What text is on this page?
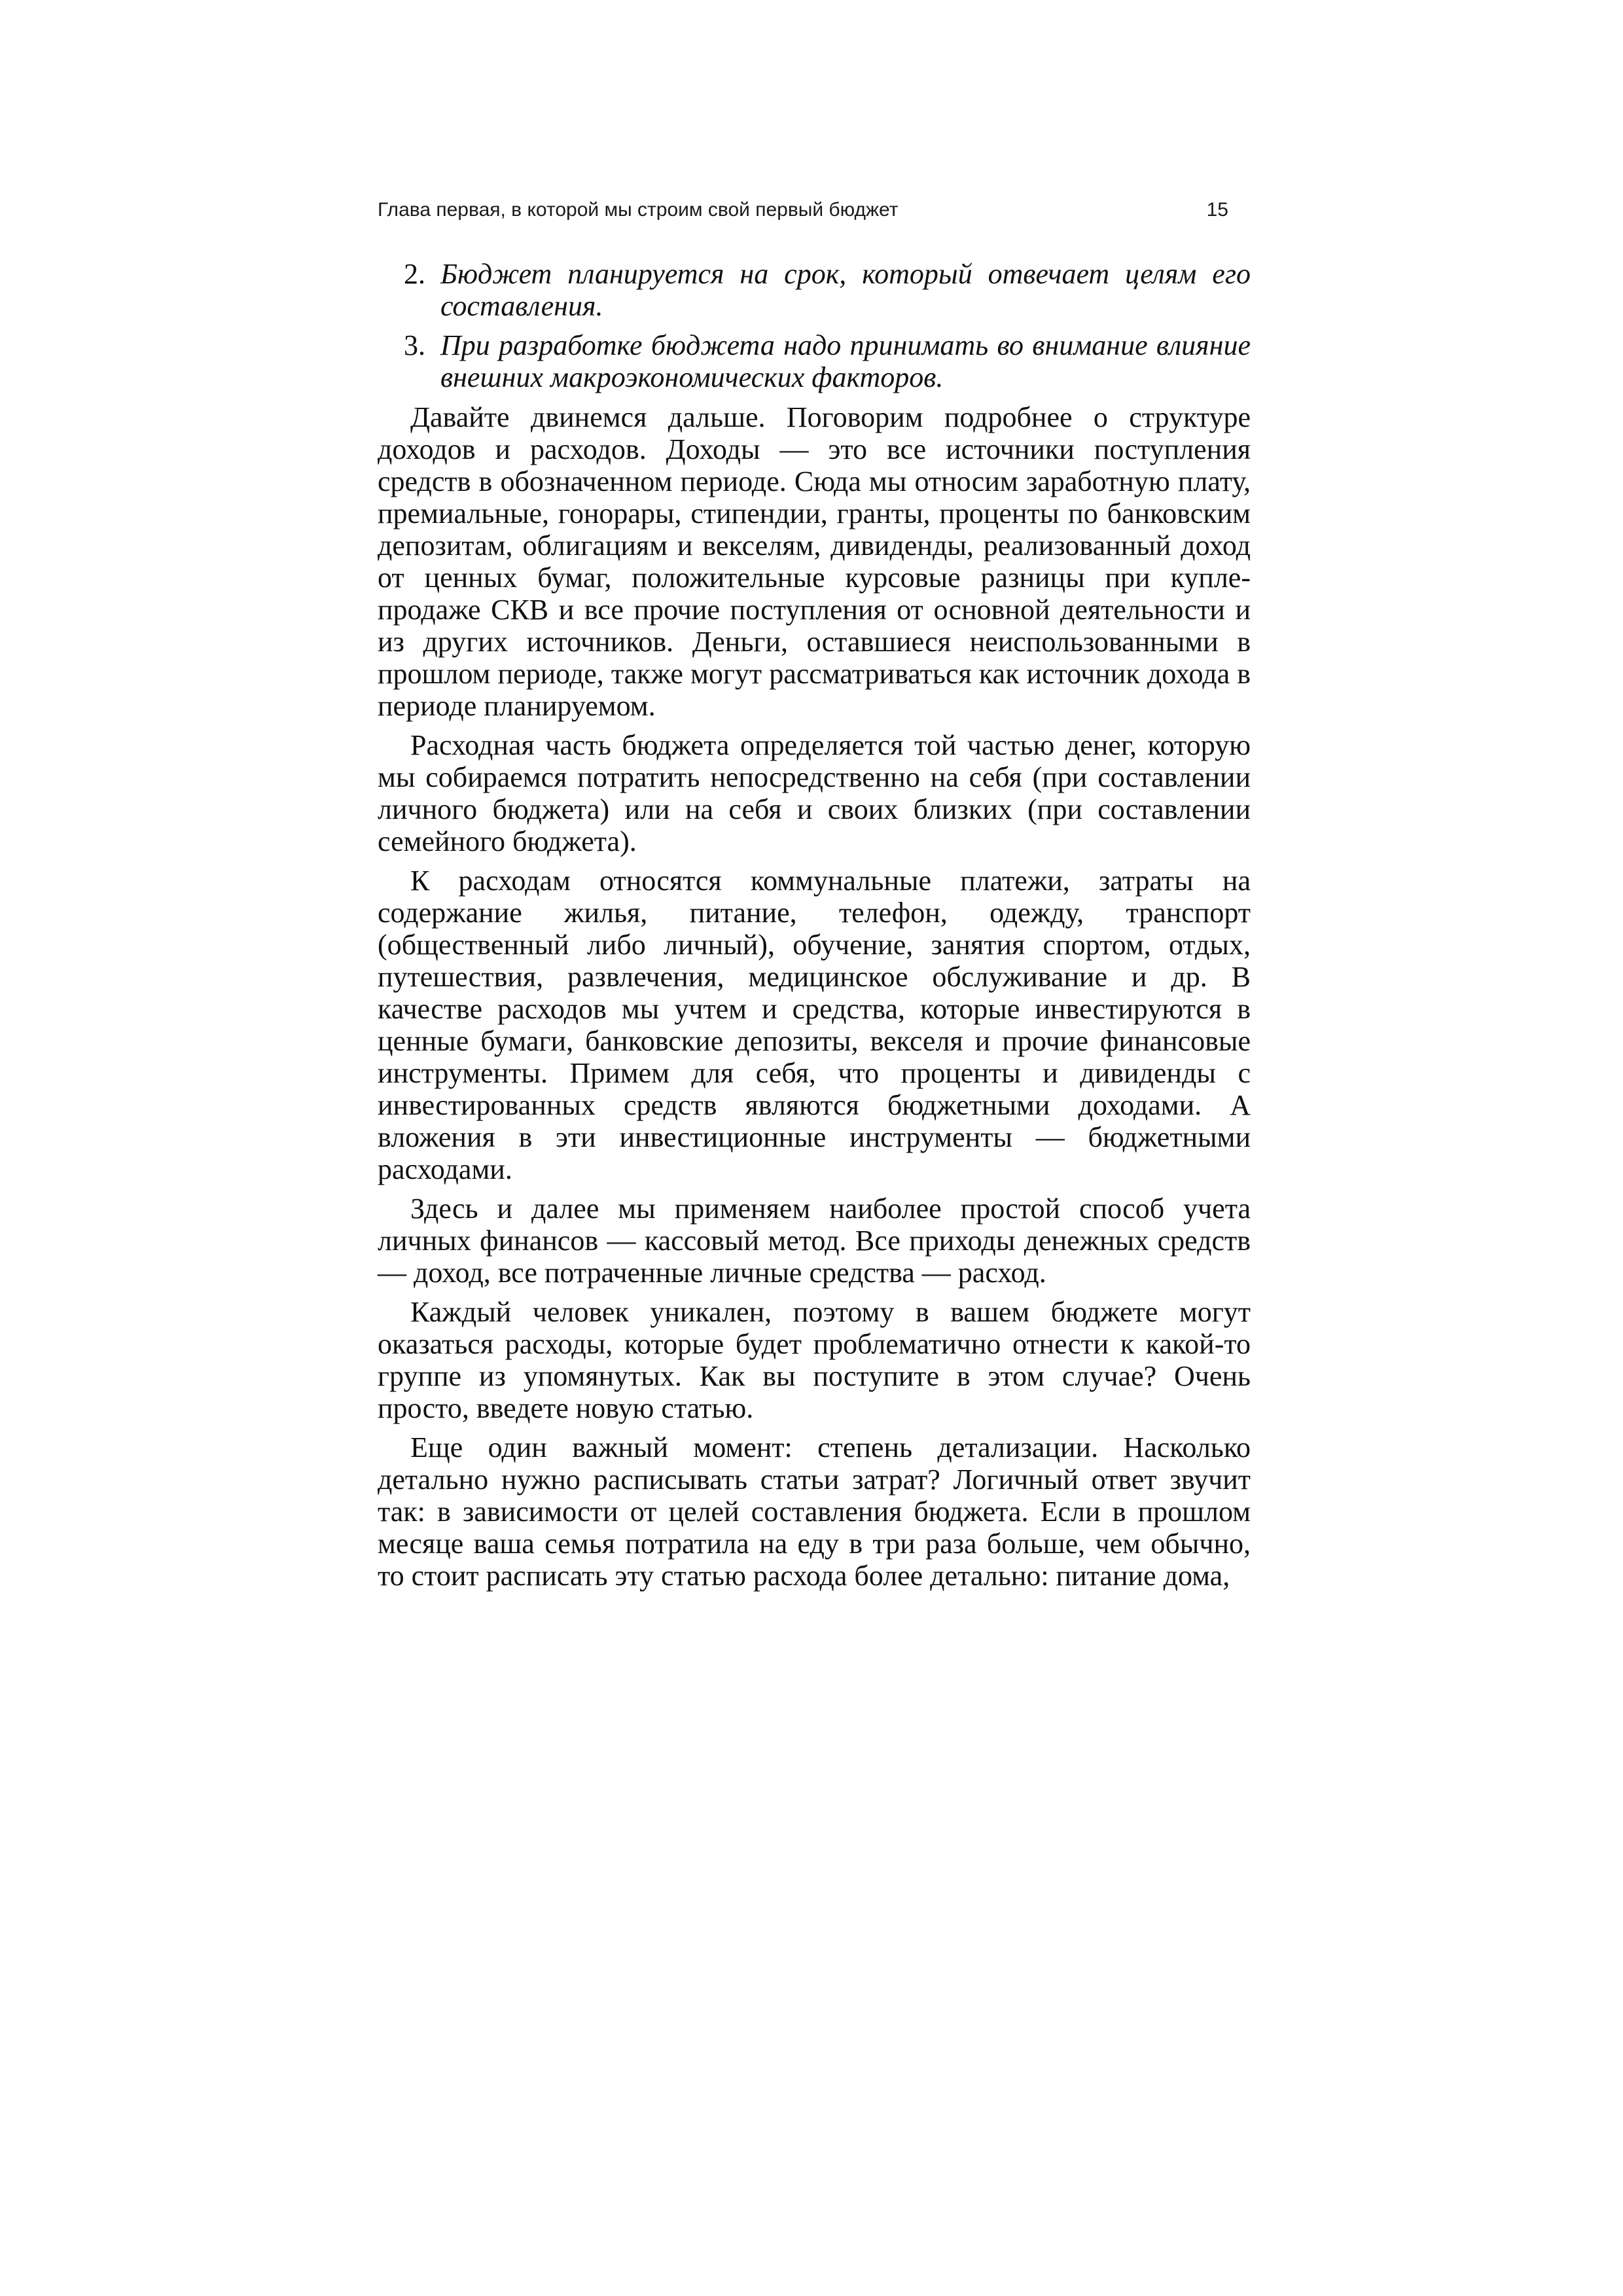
Глава первая, в которой мы строим свой первый бюджет	15
2. Бюджет планируется на срок, который отвечает целям его составления.
3. При разработке бюджета надо принимать во внимание влияние внешних макроэкономических факторов.

Давайте двинемся дальше. Поговорим подробнее о структуре доходов и расходов. Доходы — это все источники поступления средств в обозначенном периоде. Сюда мы относим заработную плату, премиальные, гонорары, стипендии, гранты, проценты по банковским депозитам, облигациям и векселям, дивиденды, реализованный доход от ценных бумаг, положительные курсовые разницы при купле-продаже СКВ и все прочие поступления от основной деятельности и из других источников. Деньги, оставшиеся неиспользованными в прошлом периоде, также могут рассматриваться как источник дохода в периоде планируемом.

Расходная часть бюджета определяется той частью денег, которую мы собираемся потратить непосредственно на себя (при составлении личного бюджета) или на себя и своих близких (при составлении семейного бюджета).

К расходам относятся коммунальные платежи, затраты на содержание жилья, питание, телефон, одежду, транспорт (общественный либо личный), обучение, занятия спортом, отдых, путешествия, развлечения, медицинское обслуживание и др. В качестве расходов мы учтем и средства, которые инвестируются в ценные бумаги, банковские депозиты, векселя и прочие финансовые инструменты. Примем для себя, что проценты и дивиденды с инвестированных средств являются бюджетными доходами. А вложения в эти инвестиционные инструменты — бюджетными расходами.

Здесь и далее мы применяем наиболее простой способ учета личных финансов — кассовый метод. Все приходы денежных средств — доход, все потраченные личные средства — расход.

Каждый человек уникален, поэтому в вашем бюджете могут оказаться расходы, которые будет проблематично отнести к какой-то группе из упомянутых. Как вы поступите в этом случае? Очень просто, введете новую статью.

Еще один важный момент: степень детализации. Насколько детально нужно расписывать статьи затрат? Логичный ответ звучит так: в зависимости от целей составления бюджета. Если в прошлом месяце ваша семья потратила на еду в три раза больше, чем обычно, то стоит расписать эту статью расхода более детально: питание дома,
